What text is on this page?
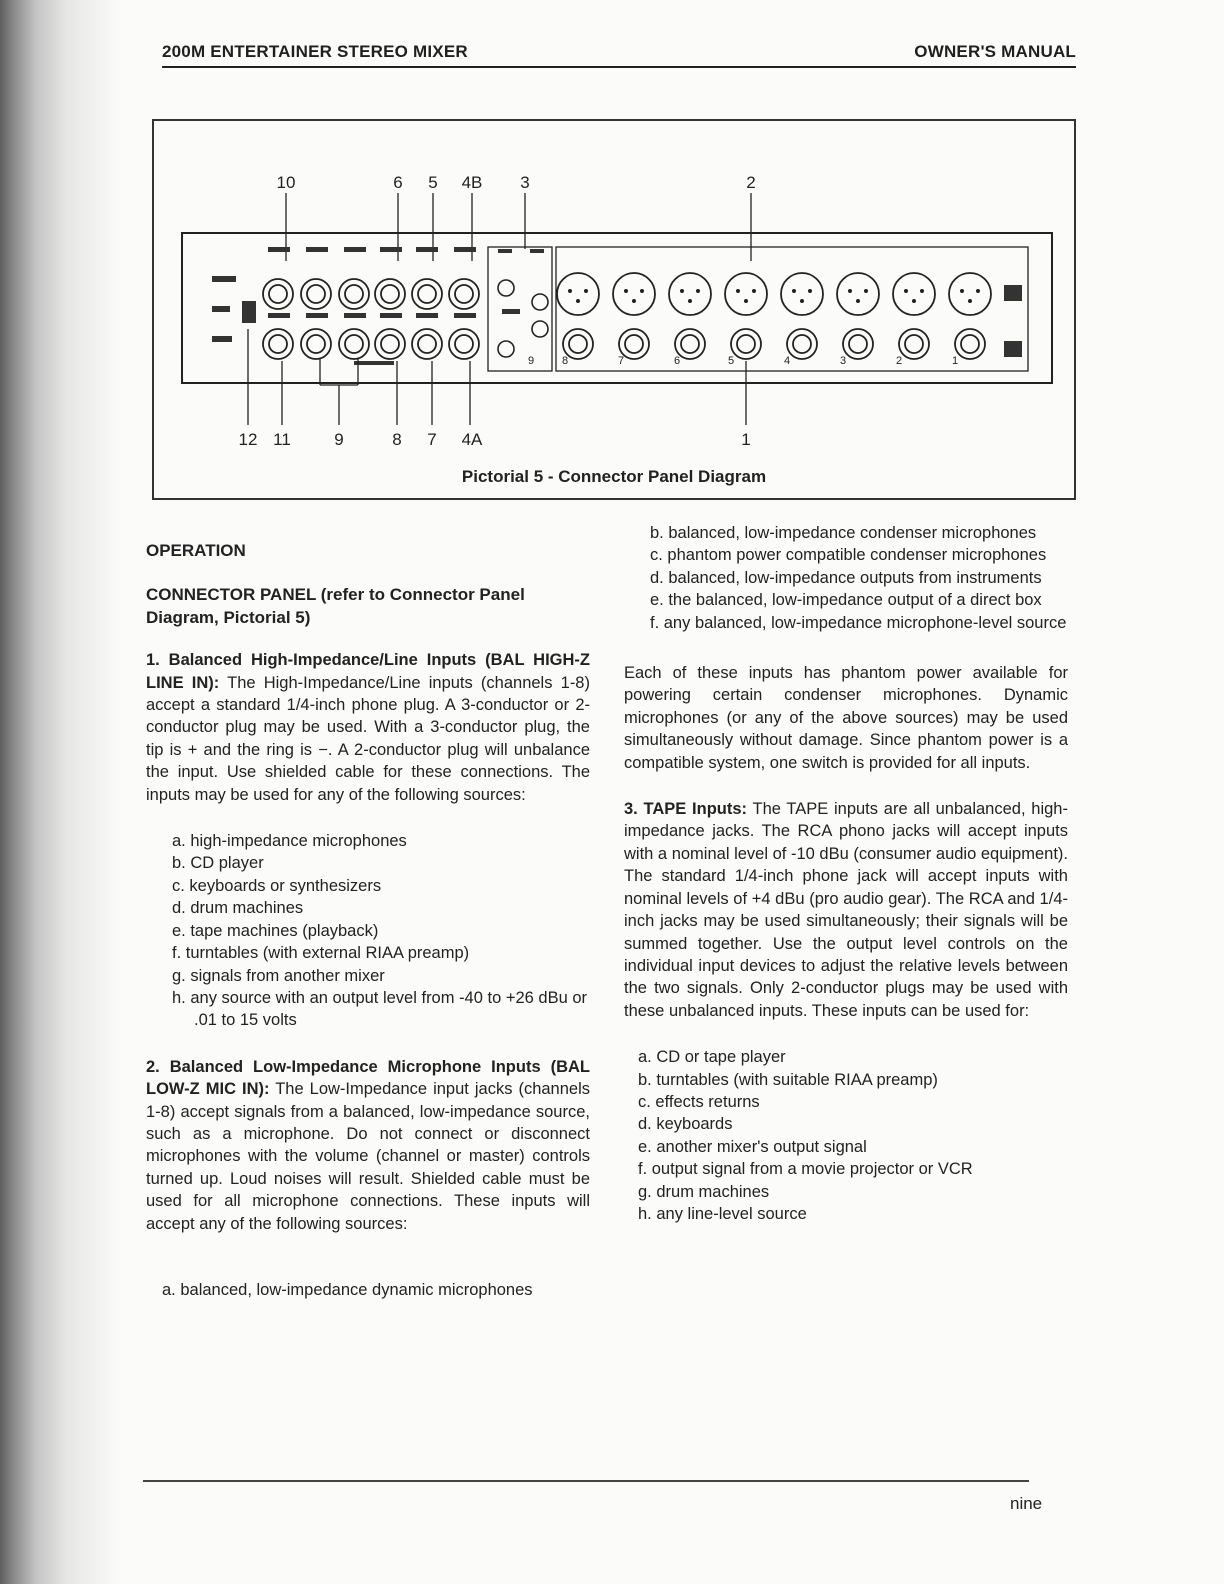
200M ENTERTAINER STEREO MIXER	OWNER'S MANUAL
10	6 5 4B 3	2
9	8	7	6	5	4	3	2	1
12 11	9	8 7 4A	1
Pictorial 5 - Connector Panel Diagram

OPERATION

CONNECTOR PANEL (refer to Connector Panel Diagram, Pictorial 5)

1. Balanced High-Impedance/Line Inputs (BAL HIGH-Z LINE IN): The High-Impedance/Line inputs (channels 1-8) accept a standard 1/4-inch phone plug. A 3-conductor or 2-conductor plug may be used. With a 3-conductor plug, the tip is + and the ring is −. A 2-conductor plug will unbalance the input. Use shielded cable for these connections. The inputs may be used for any of the following sources:

a. high-impedance microphones
b. CD player
c. keyboards or synthesizers
d. drum machines
e. tape machines (playback)
f. turntables (with external RIAA preamp)
g. signals from another mixer
h. any source with an output level from -40 to +26 dBu or .01 to 15 volts

2. Balanced Low-Impedance Microphone Inputs (BAL LOW-Z MIC IN): The Low-Impedance input jacks (channels 1-8) accept signals from a balanced, low-impedance source, such as a microphone. Do not connect or disconnect microphones with the volume (channel or master) controls turned up. Loud noises will result. Shielded cable must be used for all microphone connections. These inputs will accept any of the following sources:

a. balanced, low-impedance dynamic microphones
b. balanced, low-impedance condenser microphones
c. phantom power compatible condenser microphones
d. balanced, low-impedance outputs from instruments
e. the balanced, low-impedance output of a direct box
f. any balanced, low-impedance microphone-level source

Each of these inputs has phantom power available for powering certain condenser microphones. Dynamic microphones (or any of the above sources) may be used simultaneously without damage. Since phantom power is a compatible system, one switch is provided for all inputs.

3. TAPE Inputs: The TAPE inputs are all unbalanced, high-impedance jacks. The RCA phono jacks will accept inputs with a nominal level of -10 dBu (consumer audio equipment). The standard 1/4-inch phone jack will accept inputs with nominal levels of +4 dBu (pro audio gear). The RCA and 1/4-inch jacks may be used simultaneously; their signals will be summed together. Use the output level controls on the individual input devices to adjust the relative levels between the two signals. Only 2-conductor plugs may be used with these unbalanced inputs. These inputs can be used for:

a. CD or tape player
b. turntables (with suitable RIAA preamp)
c. effects returns
d. keyboards
e. another mixer's output signal
f. output signal from a movie projector or VCR
g. drum machines
h. any line-level source
nine
